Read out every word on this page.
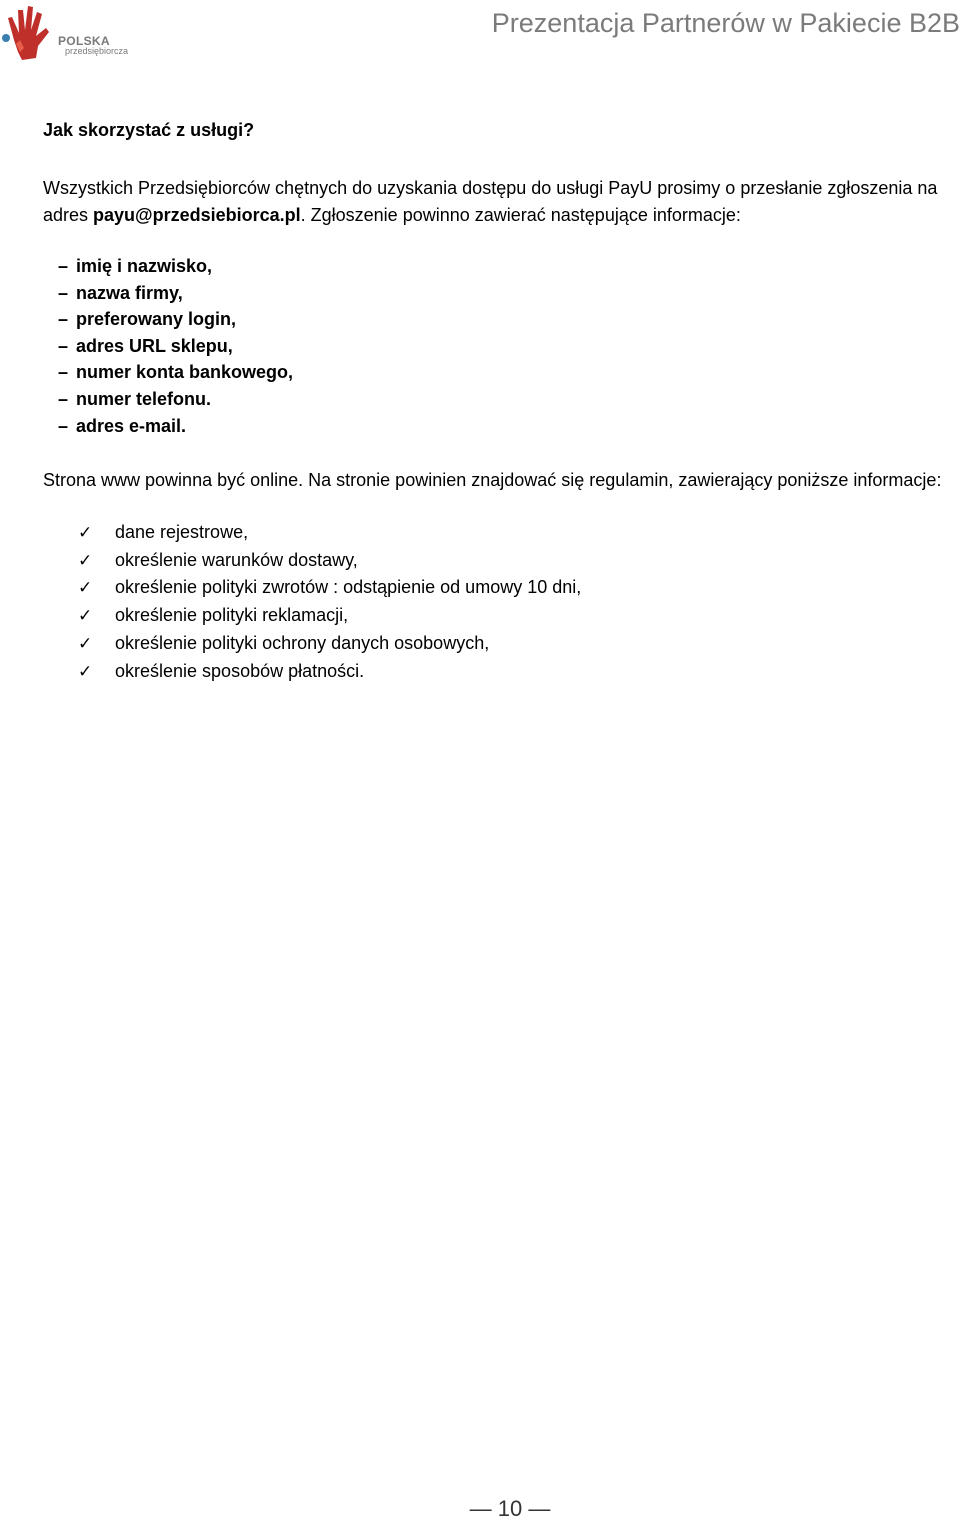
POLSKA
przedsiębiorcza
Prezentacja Partnerów w Pakiecie B2B
Jak skorzystać z usługi?
Wszystkich Przedsiębiorców chętnych do uzyskania dostępu do usługi PayU prosimy o przesłanie zgłoszenia na adres payu@przedsiebiorca.pl. Zgłoszenie powinno zawierać następujące informacje:
– imię i nazwisko,
– nazwa firmy,
– preferowany login,
– adres URL sklepu,
– numer konta bankowego,
– numer telefonu.
– adres e-mail.
Strona www powinna być online. Na stronie powinien znajdować się regulamin, zawierający poniższe informacje:
✓ dane rejestrowe,
✓ określenie warunków dostawy,
✓ określenie polityki zwrotów : odstąpienie od umowy 10 dni,
✓ określenie polityki reklamacji,
✓ określenie polityki ochrony danych osobowych,
✓ określenie sposobów płatności.
— 10 —
